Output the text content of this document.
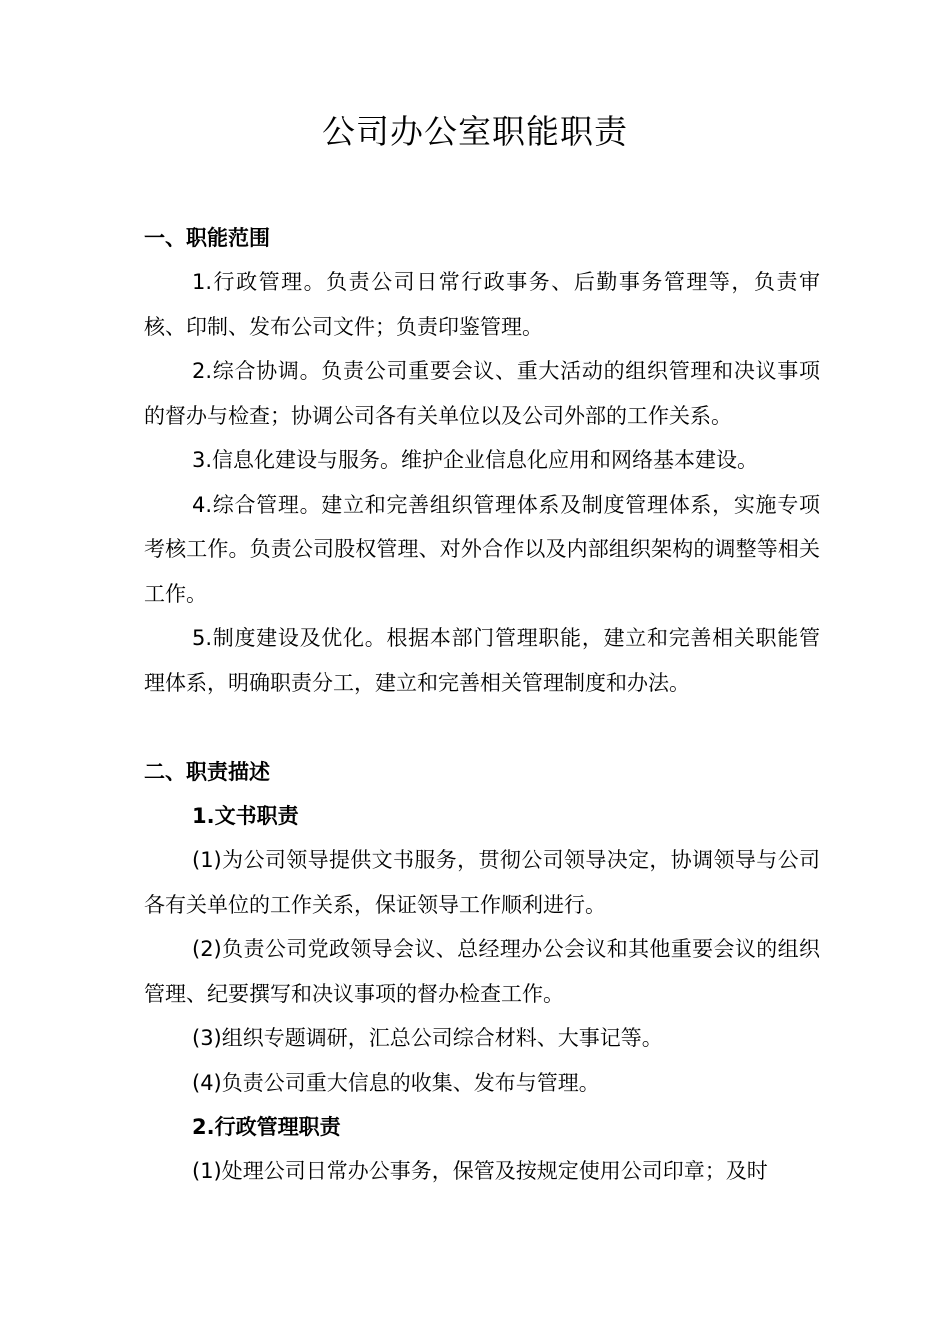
公司办公室职能职责

一、职能范围

1.行政管理。负责公司日常行政事务、后勤事务管理等，负责审核、印制、发布公司文件；负责印鉴管理。

2.综合协调。负责公司重要会议、重大活动的组织管理和决议事项的督办与检查；协调公司各有关单位以及公司外部的工作关系。

3.信息化建设与服务。维护企业信息化应用和网络基本建设。

4.综合管理。建立和完善组织管理体系及制度管理体系，实施专项考核工作。负责公司股权管理、对外合作以及内部组织架构的调整等相关工作。

5.制度建设及优化。根据本部门管理职能，建立和完善相关职能管理体系，明确职责分工，建立和完善相关管理制度和办法。

二、职责描述

1.文书职责

(1)为公司领导提供文书服务，贯彻公司领导决定，协调领导与公司各有关单位的工作关系，保证领导工作顺利进行。

(2)负责公司党政领导会议、总经理办公会议和其他重要会议的组织管理、纪要撰写和决议事项的督办检查工作。

(3)组织专题调研，汇总公司综合材料、大事记等。

(4)负责公司重大信息的收集、发布与管理。

2.行政管理职责

(1)处理公司日常办公事务，保管及按规定使用公司印章；及时
